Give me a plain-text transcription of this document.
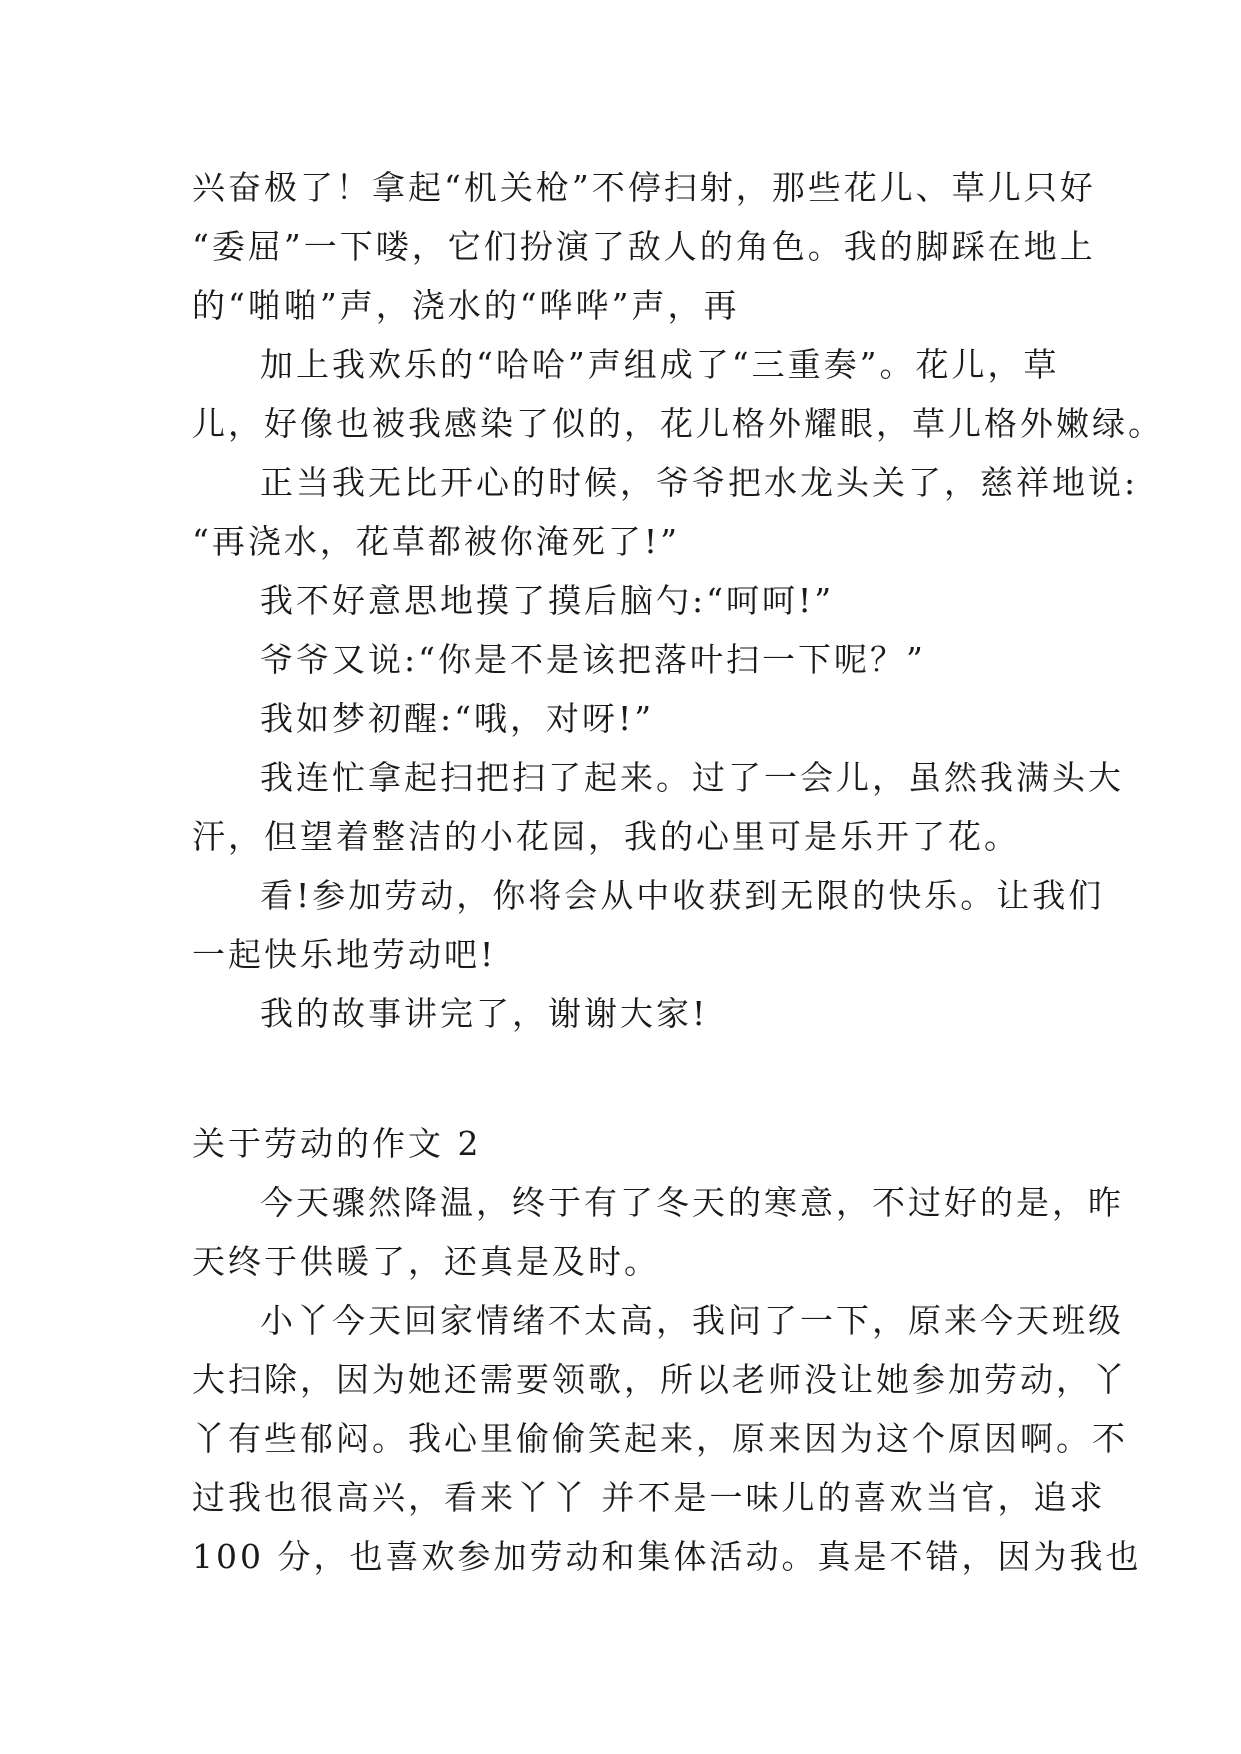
兴奋极了！拿起“机关枪”不停扫射，那些花儿、草儿只好
“委屈”一下喽，它们扮演了敌人的角色。我的脚踩在地上
的“啪啪”声，浇水的“哗哗”声，再
加上我欢乐的“哈哈”声组成了“三重奏”。花儿，草
儿，好像也被我感染了似的，花儿格外耀眼，草儿格外嫩绿。
正当我无比开心的时候，爷爷把水龙头关了，慈祥地说:
“再浇水，花草都被你淹死了!”
我不好意思地摸了摸后脑勺:“呵呵!”
爷爷又说:“你是不是该把落叶扫一下呢？”
我如梦初醒:“哦，对呀!”
我连忙拿起扫把扫了起来。过了一会儿，虽然我满头大
汗，但望着整洁的小花园，我的心里可是乐开了花。
看!参加劳动，你将会从中收获到无限的快乐。让我们
一起快乐地劳动吧!
我的故事讲完了，谢谢大家!
关于劳动的作文 2
今天骤然降温，终于有了冬天的寒意，不过好的是，昨
天终于供暖了，还真是及时。
小丫今天回家情绪不太高，我问了一下，原来今天班级
大扫除，因为她还需要领歌，所以老师没让她参加劳动，丫
丫有些郁闷。我心里偷偷笑起来，原来因为这个原因啊。不
过我也很高兴，看来丫丫 并不是一味儿的喜欢当官，追求
100 分，也喜欢参加劳动和集体活动。真是不错，因为我也
